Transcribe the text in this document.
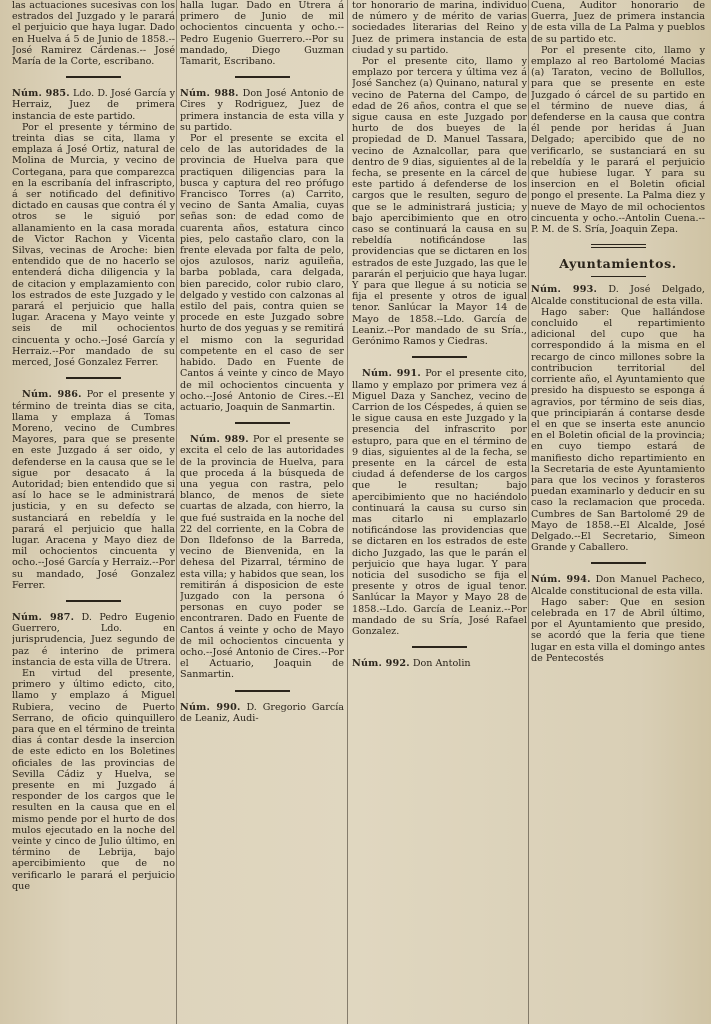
las actuaciones sucesivas con los estrados del Juzgado y le parará el perjuicio que haya lugar. Dado en Huelva á 5 de Junio de 1858.-- José Ramirez Cárdenas.-- José María de la Corte, escribano.

Núm. 985. Ldo. D. José García y Herraiz, Juez de primera instancia de este partido.

Por el presente y término de treinta dias se cita, llama y emplaza á José Ortiz, natural de Molina de Murcia, y vecino de Cortegana, para que comparezca en la escribanía del infrascripto, á ser notificado del definitivo dictado en causas que contra él y otros se le siguió por allanamiento en la casa morada de Victor Rachon y Vicenta Silvas, vecinas de Aroche: bien entendido que de no hacerlo se entenderá dicha diligencia y la de citacion y emplazamiento con los estrados de este Juzgado y le parará el perjuicio que halla lugar. Aracena y Mayo veinte y seis de mil ochocientos cincuenta y ocho.--José García y Herraiz.--Por mandado de su merced, José Gonzalez Ferrer.

Núm. 986. Por el presente y término de treinta dias se cita, llama y emplaza á Tomas Moreno, vecino de Cumbres Mayores, para que se presente en este Juzgado á ser oido, y defenderse en la causa que se le sigue por desacato á la Autoridad; bien entendido que si así lo hace se le administrará justicia, y en su defecto se sustanciará en rebeldía y le parará el perjuicio que halla lugar. Aracena y Mayo diez de mil ochocientos cincuenta y ocho.--José García y Herraiz.--Por su mandado, José Gonzalez Ferrer.

Núm. 987. D. Pedro Eugenio Guerrero, Ldo. en jurisprudencia, Juez segundo de paz é interino de primera instancia de esta villa de Utrera.

En virtud del presente, primero y último edicto, cito, llamo y emplazo á Miguel Rubiera, vecino de Puerto Serrano, de oficio quinquillero para que en el término de treinta dias á contar desde la insercion de este edicto en los Boletines oficiales de las provincias de Sevilla Cádiz y Huelva, se presente en mi Juzgado á responder de los cargos que le resulten en la causa que en el mismo pende por el hurto de dos mulos ejecutado en la noche del veinte y cinco de Julio último, en término de Lebrija, bajo apercibimiento que de no verificarlo le parará el perjuicio que

halla lugar. Dado en Utrera á primero de Junio de mil ochocientos cincuenta y ocho.--Pedro Eugenio Guerrero.--Por su mandado, Diego Guzman Tamarit, Escribano.

Núm. 988. Don José Antonio de Cires y Rodriguez, Juez de primera instancia de esta villa y su partido.

Por el presente se excita el celo de las autoridades de la provincia de Huelva para que practiquen diligencias para la busca y captura del reo prófugo Francisco Torres (a) Carrito, vecino de Santa Amalia, cuyas señas son: de edad como de cuarenta años, estatura cinco pies, pelo castaño claro, con la frente elevada por falta de pelo, ojos azulosos, nariz aguileña, barba poblada, cara delgada, bien parecido, color rubio claro, delgado y vestido con calzonas al estilo del pais, contra quien se procede en este Juzgado sobre hurto de dos yeguas y se remitirá el mismo con la seguridad competente en el caso de ser habido. Dado en Fuente de Cantos á veinte y cinco de Mayo de mil ochocientos cincuenta y ocho.--José Antonio de Cires.--El actuario, Joaquin de Sanmartin.

Núm. 989. Por el presente se excita el celo de las autoridades de la provincia de Huelva, para que proceda á la búsqueda de una yegua con rastra, pelo blanco, de menos de siete cuartas de alzada, con hierro, la que fué sustraida en la noche del 22 del corriente, en la Cobra de Don Ildefonso de la Barreda, vecino de Bienvenida, en la dehesa del Pizarral, término de esta villa; y habidos que sean, los remitirán á disposicion de este Juzgado con la persona ó personas en cuyo poder se encontraren. Dado en Fuente de Cantos á veinte y ocho de Mayo de mil ochocientos cincuenta y ocho.--José Antonio de Cires.--Por el Actuario, Joaquin de Sanmartin.

Núm. 990. D. Gregorio García de Leaniz, Audi-

tor honorario de marina, individuo de número y de mérito de varias sociedades literarias del Reino y Juez de primera instancia de esta ciudad y su partido.

Por el presente cito, llamo y emplazo por tercera y última vez á José Sanchez (a) Quinano, natural y vecino de Paterna del Campo, de edad de 26 años, contra el que se sigue causa en este Juzgado por hurto de dos bueyes de la propiedad de D. Manuel Tassara, vecino de Aznalcollar, para que dentro de 9 dias, siguientes al de la fecha, se presente en la cárcel de este partido á defenderse de los cargos que le resulten, seguro de que se le administrará justicia; y bajo apercibimiento que en otro caso se continuará la causa en su rebeldía notificándose las providencias que se dictaren en los estrados de este Juzgado, las que le pararán el perjuicio que haya lugar. Y para que llegue á su noticia se fija el presente y otros de igual tenor. Sanlúcar la Mayor 14 de Mayo de 1858.--Ldo. García de Leaniz.--Por mandado de su Sría., Gerónimo Ramos y Ciedras.

Núm. 991. Por el presente cito, llamo y emplazo por primera vez á Miguel Daza y Sanchez, vecino de Carrion de los Céspedes, á quien se le sigue causa en este Juzgado y la presencia del infrascrito por estupro, para que en el término de 9 dias, siguientes al de la fecha, se presente en la cárcel de esta ciudad á defenderse de los cargos que le resultan; bajo apercibimiento que no haciéndolo continuará la causa su curso sin mas citarlo ni emplazarlo notificándose las providencias que se dictaren en los estrados de este dicho Juzgado, las que le parán el perjuicio que haya lugar. Y para noticia del susodicho se fija el presente y otros de igual tenor. Sanlúcar la Mayor y Mayo 28 de 1858.--Ldo. García de Leaniz.--Por mandado de su Sría, José Rafael Gonzalez.

Núm. 992. Don Antolin

Cuena, Auditor honorario de Guerra, Juez de primera instancia de esta villa de La Palma y pueblos de su partido etc.

Por el presente cito, llamo y emplazo al reo Bartolomé Macias (a) Taraton, vecino de Bollullos, para que se presente en este Juzgado ó cárcel de su partido en el término de nueve dias, á defenderse en la causa que contra él pende por heridas á Juan Delgado; apercibido que de no verificarlo, se sustanciará en su rebeldía y le parará el perjuicio que hubiese lugar. Y para su insercion en el Boletin oficial pongo el presente. La Palma diez y nueve de Mayo de mil ochocientos cincuenta y ocho.--Antolin Cuena.-- P. M. de S. Sría, Joaquin Zepa.

Ayuntamientos.

Núm. 993. D. José Delgado, Alcalde constitucional de esta villa.

Hago saber: Que hallándose concluido el repartimiento adicional del cupo que ha correspondido á la misma en el recargo de cinco millones sobre la contribucion territorial del corriente año, el Ayuntamiento que presido ha dispuesto se esponga á agravios, por término de seis dias, que principiarán á contarse desde el en que se inserta este anuncio en el Boletin oficial de la provincia; en cuyo tiempo estará de manifiesto dicho repartimiento en la Secretaria de este Ayuntamiento para que los vecinos y forasteros puedan examinarlo y deducir en su caso la reclamacion que proceda. Cumbres de San Bartolomé 29 de Mayo de 1858.--El Alcalde, José Delgado.--El Secretario, Simeon Grande y Caballero.

Núm. 994. Don Manuel Pacheco, Alcalde constitucional de esta villa.

Hago saber: Que en sesion celebrada en 17 de Abril último, por el Ayuntamiento que presido, se acordó que la feria que tiene lugar en esta villa el domingo antes de Pentecostés
